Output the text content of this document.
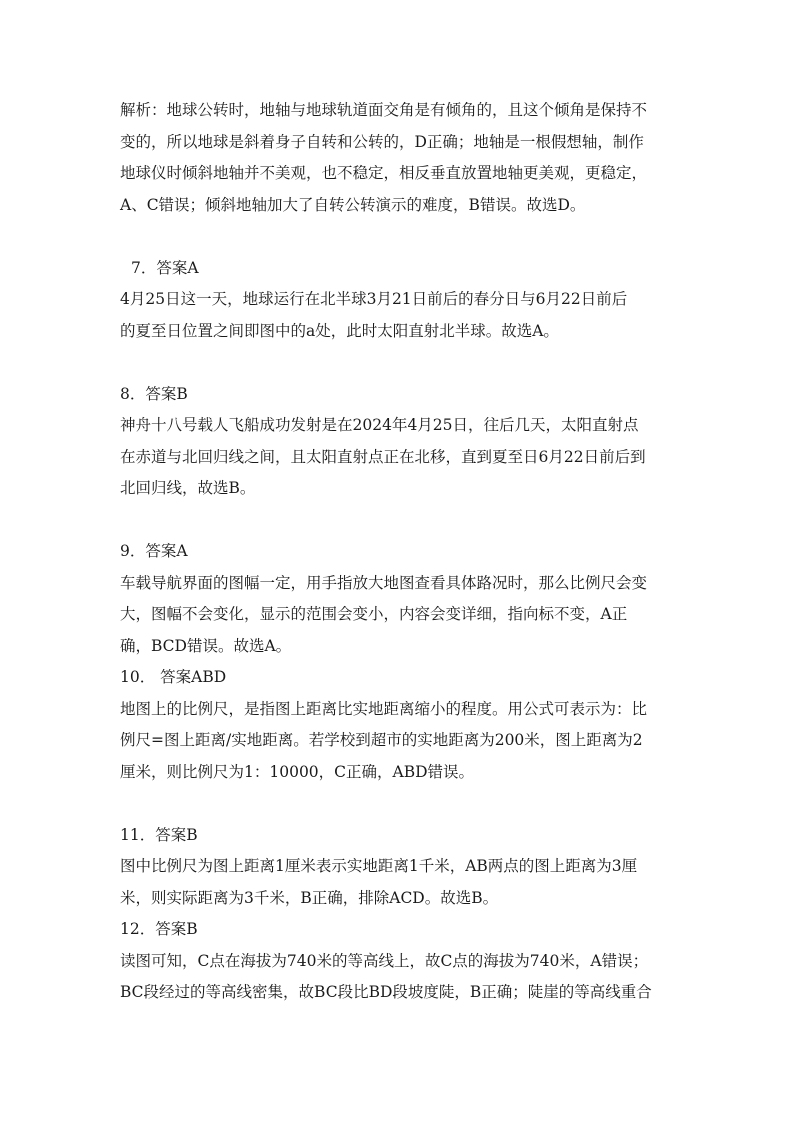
解析：地球公转时，地轴与地球轨道面交角是有倾角的，且这个倾角是保持不
变的，所以地球是斜着身子自转和公转的，D正确；地轴是一根假想轴，制作
地球仪时倾斜地轴并不美观，也不稳定，相反垂直放置地轴更美观，更稳定，
A、C错误；倾斜地轴加大了自转公转演示的难度，B错误。故选D。
7．答案A
4月25日这一天，地球运行在北半球3月21日前后的春分日与6月22日前后
的夏至日位置之间即图中的a处，此时太阳直射北半球。故选A。
8．答案B
神舟十八号载人飞船成功发射是在2024年4月25日，往后几天，太阳直射点
在赤道与北回归线之间，且太阳直射点正在北移，直到夏至日6月22日前后到
北回归线，故选B。
9．答案A
车载导航界面的图幅一定，用手指放大地图查看具体路况时，那么比例尺会变
大，图幅不会变化，显示的范围会变小，内容会变详细，指向标不变，A正
确，BCD错误。故选A。
10． 答案ABD
地图上的比例尺，是指图上距离比实地距离缩小的程度。用公式可表示为：比
例尺=图上距离/实地距离。若学校到超市的实地距离为200米，图上距离为2
厘米，则比例尺为1：10000，C正确，ABD错误。
11．答案B
图中比例尺为图上距离1厘米表示实地距离1千米，AB两点的图上距离为3厘
米，则实际距离为3千米，B正确，排除ACD。故选B。
12．答案B
读图可知，C点在海拔为740米的等高线上，故C点的海拔为740米，A错误；
BC段经过的等高线密集，故BC段比BD段坡度陡，B正确；陡崖的等高线重合
